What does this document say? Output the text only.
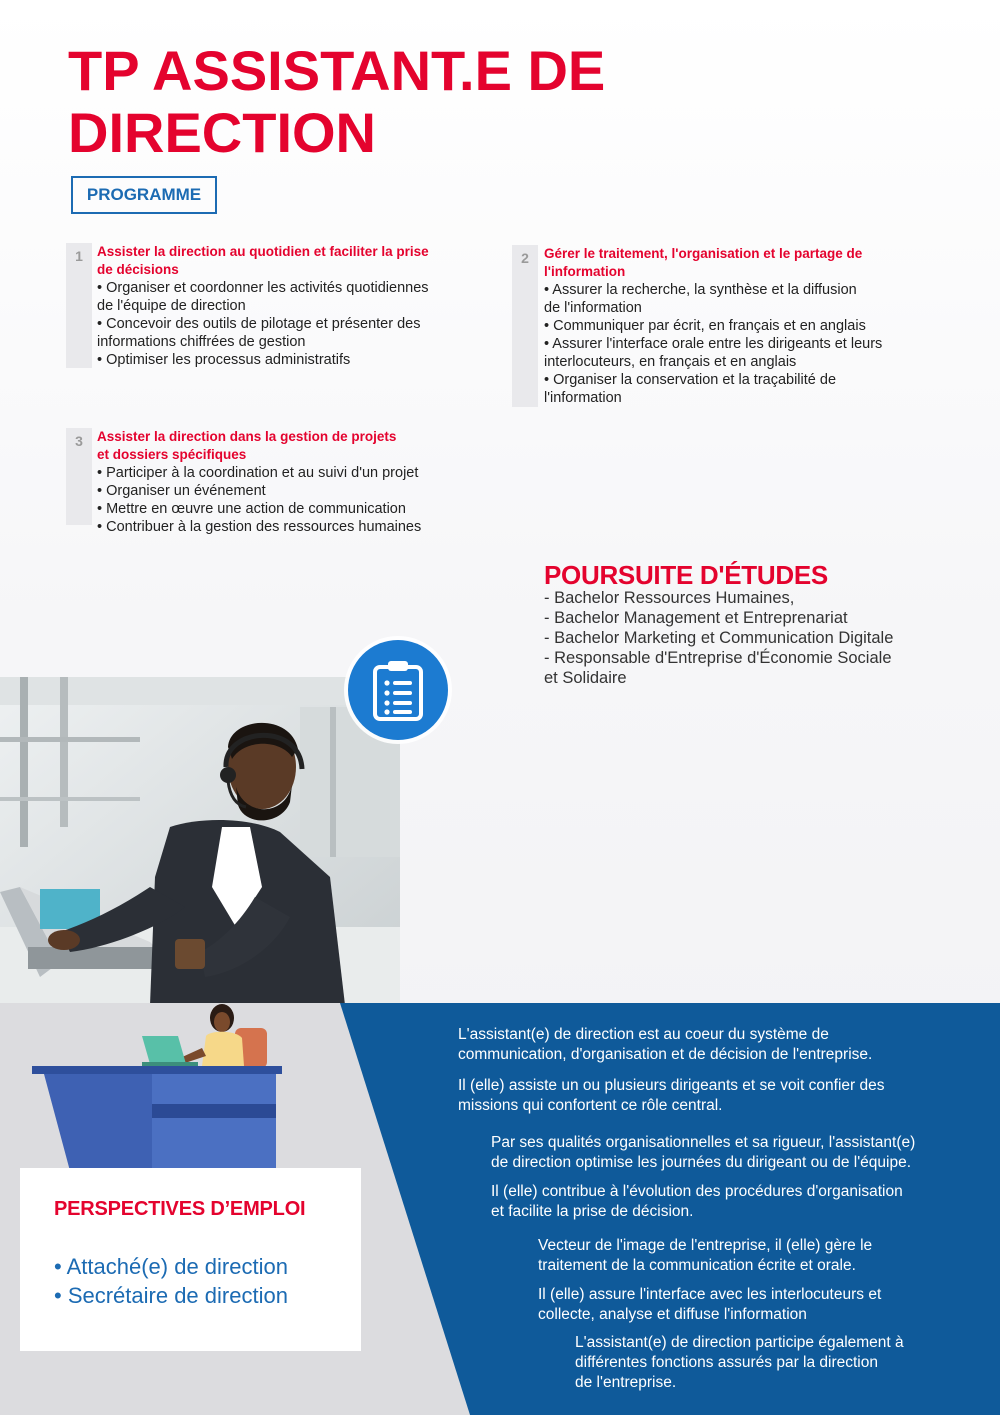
TP ASSISTANT.E DE
DIRECTION
PROGRAMME
1	Assister la direction au quotidien et faciliter la prise
de décisions
• Organiser et coordonner les activités quotidiennes
de l'équipe de direction
• Concevoir des outils de pilotage et présenter des
informations chiffrées de gestion
• Optimiser les processus administratifs
2	Gérer le traitement, l'organisation et le partage de
l'information
• Assurer la recherche, la synthèse et la diffusion
de l'information
• Communiquer par écrit, en français et en anglais
• Assurer l'interface orale entre les dirigeants et leurs
interlocuteurs, en français et en anglais
• Organiser la conservation et la traçabilité de
l'information
3	Assister la direction dans la gestion de projets
et dossiers spécifiques
• Participer à la coordination et au suivi d'un projet
• Organiser un événement
• Mettre en œuvre une action de communication
• Contribuer à la gestion des ressources humaines
POURSUITE D'ÉTUDES
- Bachelor Ressources Humaines,
- Bachelor Management et Entreprenariat
- Bachelor Marketing et Communication Digitale
- Responsable d'Entreprise d'Économie Sociale
et Solidaire

L'assistant(e) de direction est au coeur du système de

communication, d'organisation et de décision de l'entreprise.

Il (elle) assiste un ou plusieurs dirigeants et se voit confier des

missions qui confortent ce rôle central.

Par ses qualités organisationnelles et sa rigueur, l'assistant(e)

de direction optimise les journées du dirigeant ou de l'équipe.

Il (elle) contribue à l'évolution des procédures d'organisation

et facilite la prise de décision.

Vecteur de l'image de l'entreprise, il (elle) gère le

traitement de la communication écrite et orale.

Il (elle) assure l'interface avec les interlocuteurs et

collecte, analyse et diffuse l'information

L'assistant(e) de direction participe également à

différentes fonctions assurés par la direction

de l'entreprise.

PERSPECTIVES D’EMPLOI
• Attaché(e) de direction
• Secrétaire de direction
